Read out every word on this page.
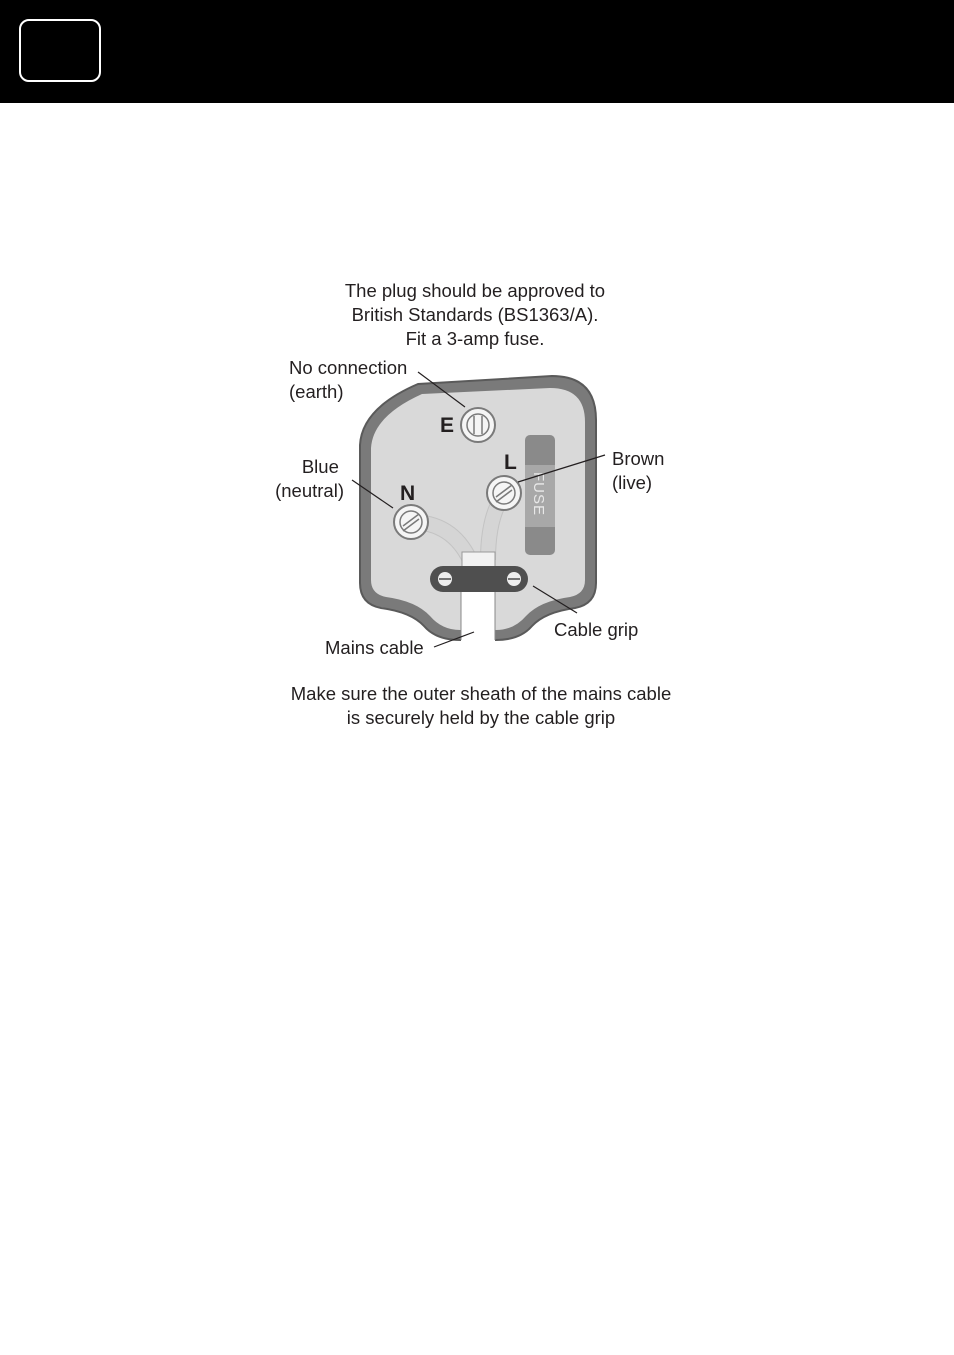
The plug should be approved to
British Standards (BS1363/A).
Fit a 3-amp fuse.
FUSE
E
L
N
No connection (earth)
Blue (neutral)
Brown (live)
Cable grip
Mains cable
Make sure the outer sheath of the mains cable
is securely held by the cable grip
